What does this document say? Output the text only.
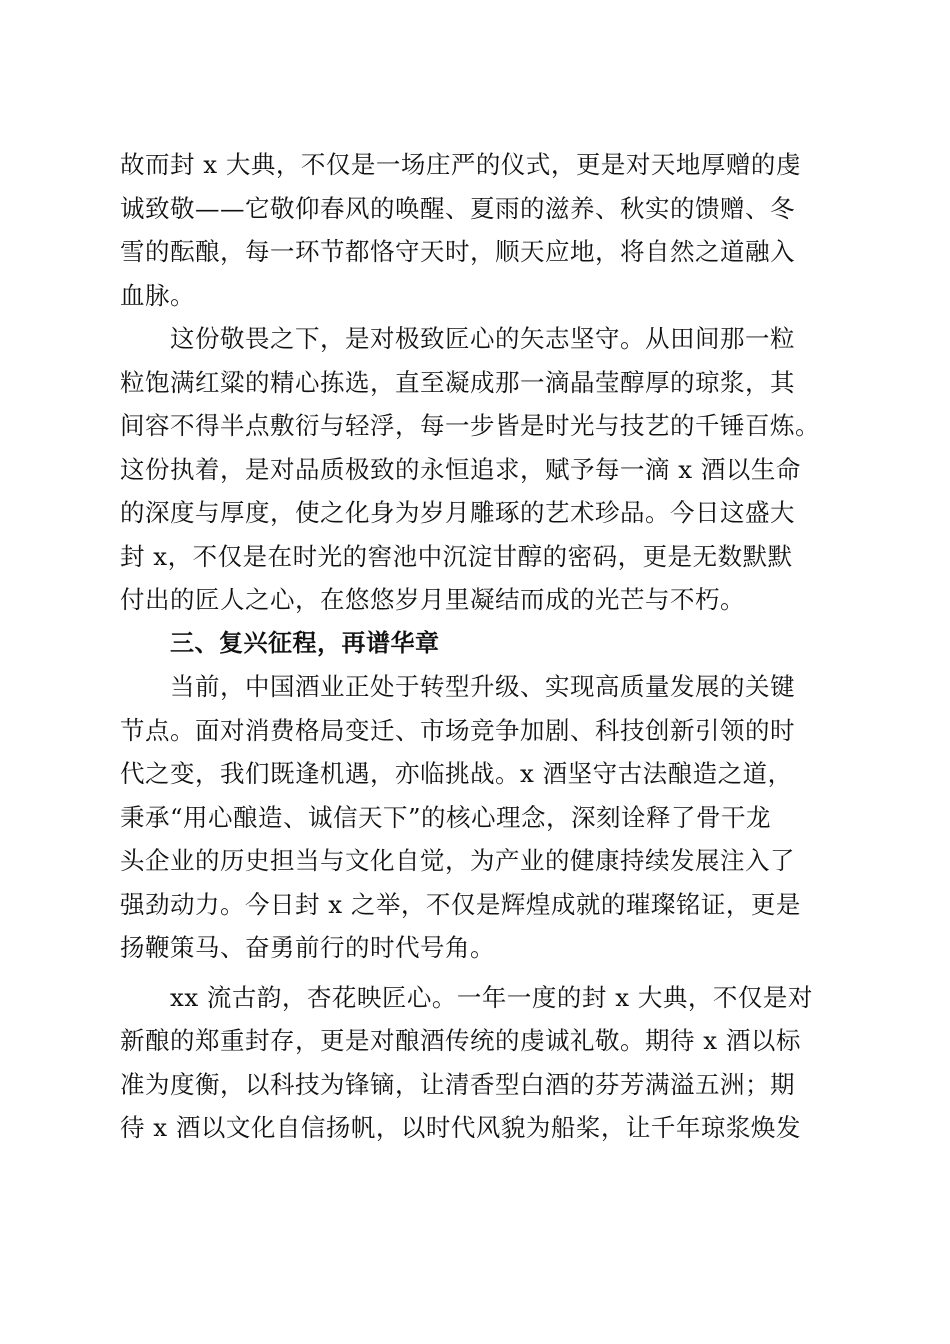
故而封 x 大典，不仅是一场庄严的仪式，更是对天地厚赠的虔
诚致敬——它敬仰春风的唤醒、夏雨的滋养、秋实的馈赠、冬
雪的酝酿，每一环节都恪守天时，顺天应地，将自然之道融入
血脉。
这份敬畏之下，是对极致匠心的矢志坚守。从田间那一粒
粒饱满红粱的精心拣选，直至凝成那一滴晶莹醇厚的琼浆，其
间容不得半点敷衍与轻浮，每一步皆是时光与技艺的千锤百炼。
这份执着，是对品质极致的永恒追求，赋予每一滴 x 酒以生命
的深度与厚度，使之化身为岁月雕琢的艺术珍品。今日这盛大
封 x，不仅是在时光的窖池中沉淀甘醇的密码，更是无数默默
付出的匠人之心，在悠悠岁月里凝结而成的光芒与不朽。
三、复兴征程，再谱华章
当前，中国酒业正处于转型升级、实现高质量发展的关键
节点。面对消费格局变迁、市场竞争加剧、科技创新引领的时
代之变，我们既逢机遇，亦临挑战。x 酒坚守古法酿造之道，
秉承“用心酿造、诚信天下”的核心理念，深刻诠释了骨干龙
头企业的历史担当与文化自觉，为产业的健康持续发展注入了
强劲动力。今日封 x 之举，不仅是辉煌成就的璀璨铭证，更是
扬鞭策马、奋勇前行的时代号角。
xx 流古韵，杏花映匠心。一年一度的封 x 大典，不仅是对
新酿的郑重封存，更是对酿酒传统的虔诚礼敬。期待 x 酒以标
准为度衡，以科技为锋镝，让清香型白酒的芬芳满溢五洲；期
待 x 酒以文化自信扬帆，以时代风貌为船桨，让千年琼浆焕发
